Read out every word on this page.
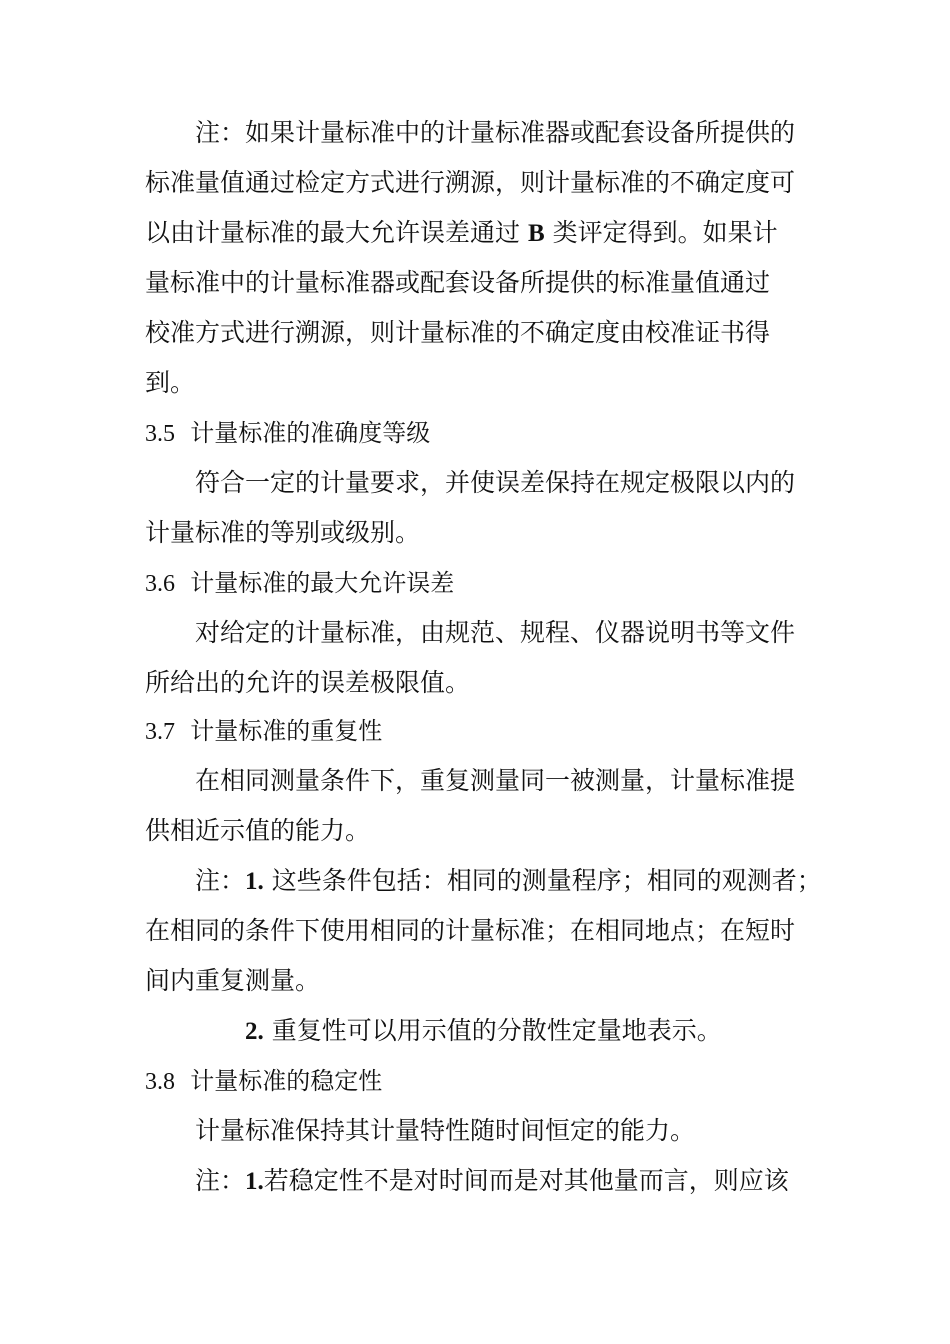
注：如果计量标准中的计量标准器或配套设备所提供的
标准量值通过检定方式进行溯源，则计量标准的不确定度可
以由计量标准的最大允许误差通过 B 类评定得到。如果计
量标准中的计量标准器或配套设备所提供的标准量值通过
校准方式进行溯源，则计量标准的不确定度由校准证书得
到。
3.5 计量标准的准确度等级
符合一定的计量要求，并使误差保持在规定极限以内的
计量标准的等别或级别。
3.6 计量标准的最大允许误差
对给定的计量标准，由规范、规程、仪器说明书等文件
所给出的允许的误差极限值。
3.7 计量标准的重复性
在相同测量条件下，重复测量同一被测量，计量标准提
供相近示值的能力。
注：1. 这些条件包括：相同的测量程序；相同的观测者；
在相同的条件下使用相同的计量标准；在相同地点；在短时
间内重复测量。
2. 重复性可以用示值的分散性定量地表示。
3.8 计量标准的稳定性
计量标准保持其计量特性随时间恒定的能力。
注：1.若稳定性不是对时间而是对其他量而言，则应该
